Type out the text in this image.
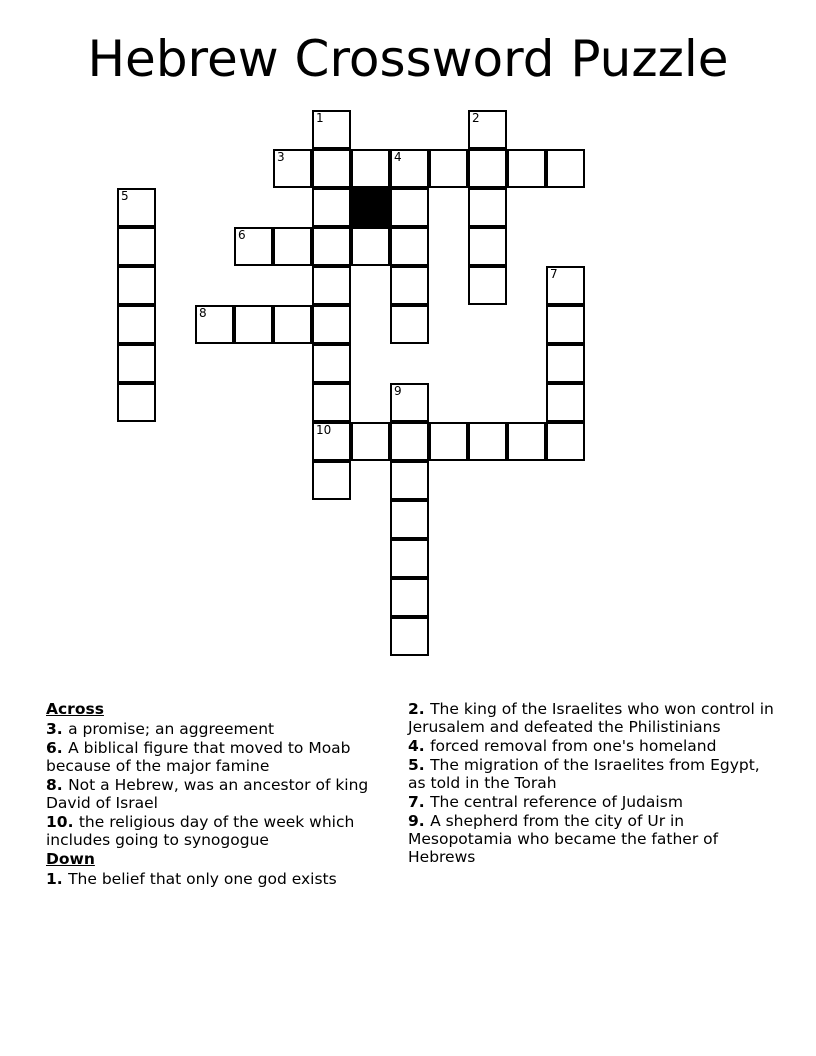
Hebrew Crossword Puzzle
1	2
3	4
5
6
7
8
9
10
Across
3. a promise; an aggreement
6. A biblical figure that moved to Moab because of the major famine
8. Not a Hebrew, was an ancestor of king David of Israel
10. the religious day of the week which includes going to synogogue
Down
1. The belief that only one god exists
2. The king of the Israelites who won control in Jerusalem and defeated the Philistinians
4. forced removal from one's homeland
5. The migration of the Israelites from Egypt, as told in the Torah
7. The central reference of Judaism
9. A shepherd from the city of Ur in Mesopotamia who became the father of Hebrews
